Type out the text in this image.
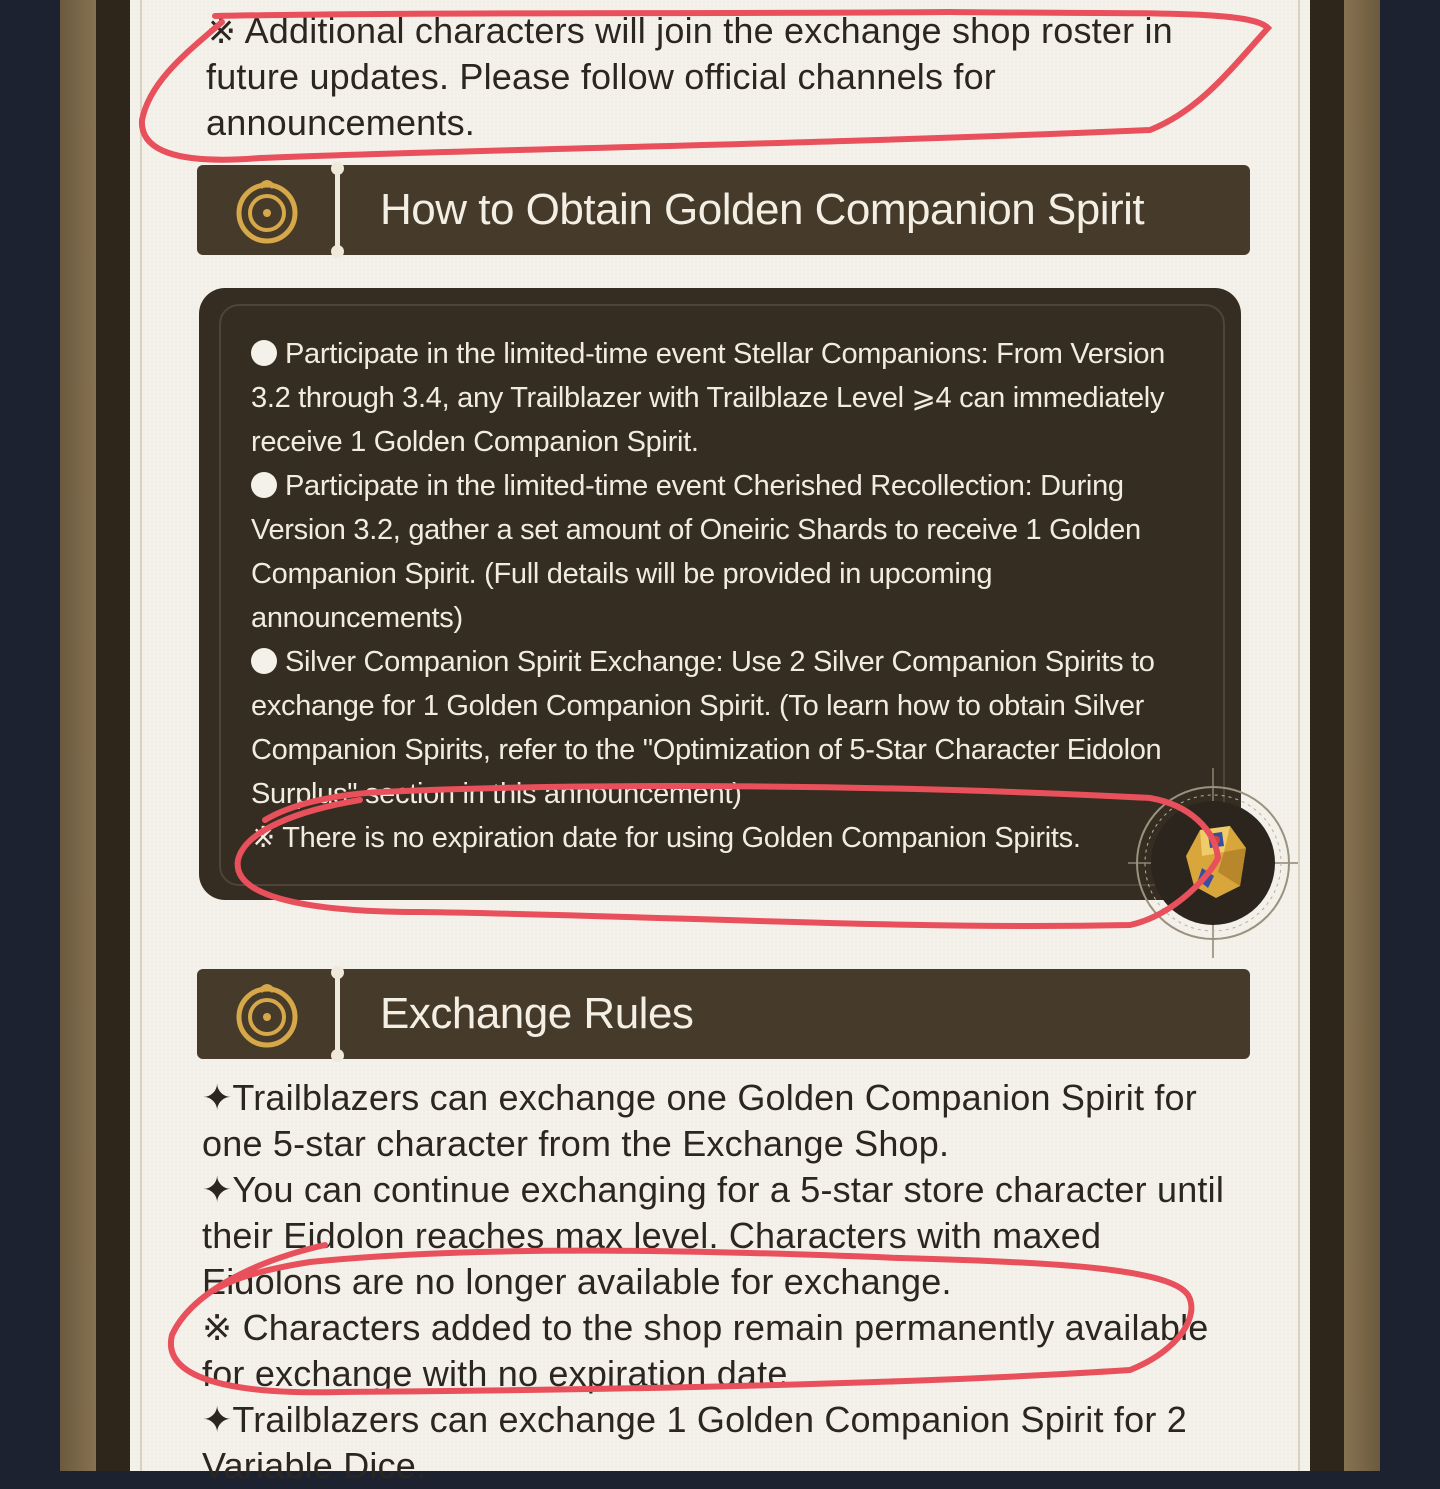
※ Additional characters will join the exchange shop roster in future updates. Please follow official channels for announcements.
How to Obtain Golden Companion Spirit

Participate in the limited-time event Stellar Companions: From Version 3.2 through 3.4, any Trailblazer with Trailblaze Level ⩾4 can immediately receive 1 Golden Companion Spirit.

Participate in the limited-time event Cherished Recollection: During Version 3.2, gather a set amount of Oneiric Shards to receive 1 Golden Companion Spirit. (Full details will be provided in upcoming announcements)

Silver Companion Spirit Exchange: Use 2 Silver Companion Spirits to exchange for 1 Golden Companion Spirit. (To learn how to obtain Silver Companion Spirits, refer to the "Optimization of 5-Star Character Eidolon Surplus" section in this announcement)

※ There is no expiration date for using Golden Companion Spirits.

Exchange Rules
✦Trailblazers can exchange one Golden Companion Spirit for one 5-star character from the Exchange Shop.
✦You can continue exchanging for a 5-star store character until their Eidolon reaches max level. Characters with maxed Eidolons are no longer available for exchange.
※ Characters added to the shop remain permanently available for exchange with no expiration date.
✦Trailblazers can exchange 1 Golden Companion Spirit for 2 Variable Dice.
